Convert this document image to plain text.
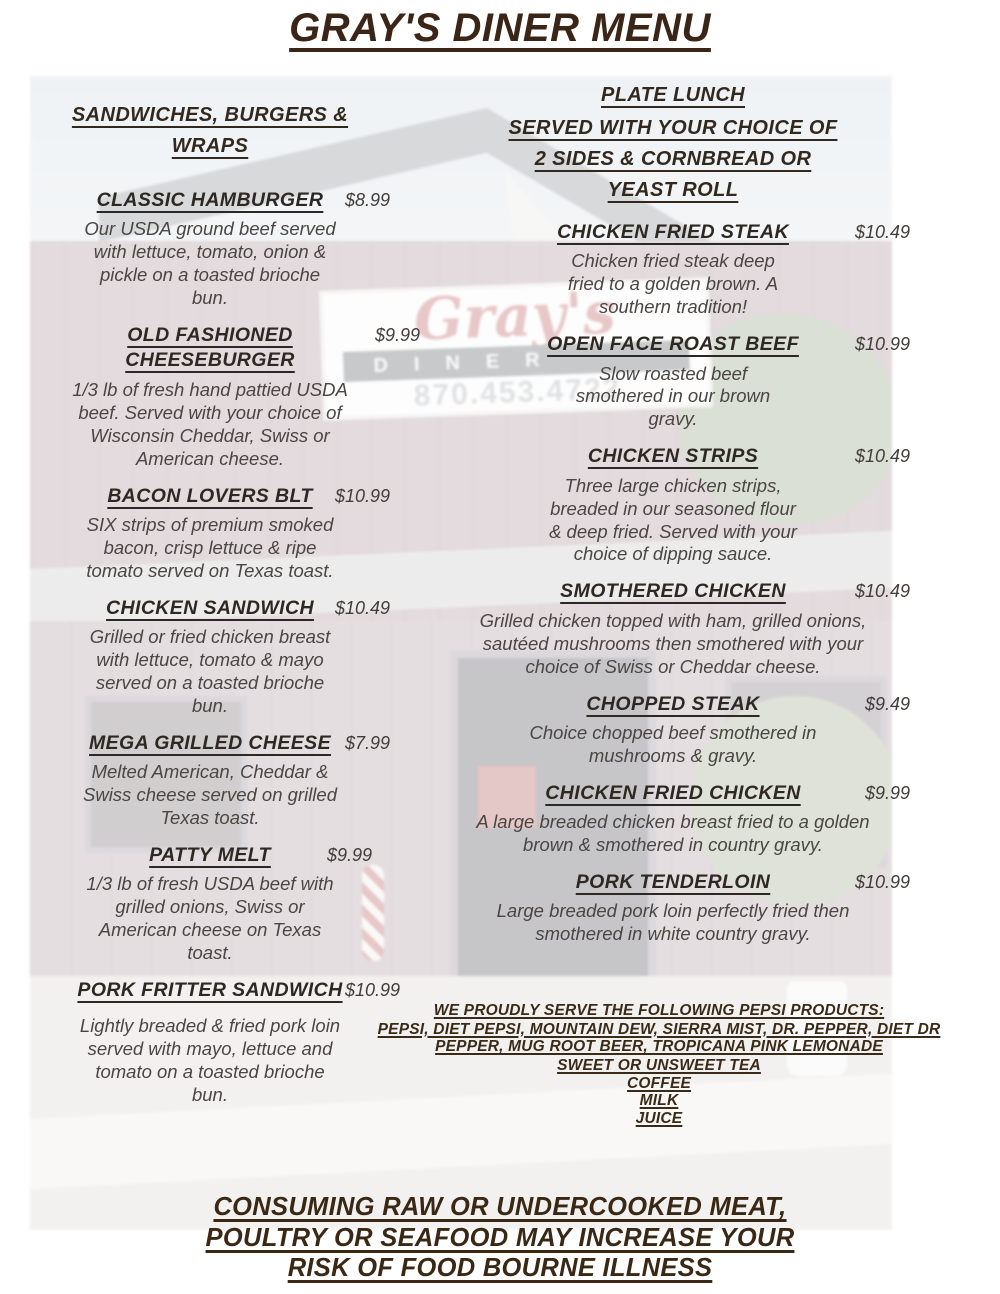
Gray's
DINER
870.453.4722
GRAY'S DINER MENU
SANDWICHES, BURGERS & WRAPS
CLASSIC HAMBURGER $8.99
Our USDA ground beef served with lettuce, tomato, onion & pickle on a toasted brioche bun.
OLD FASHIONED CHEESEBURGER
$9.99
1/3 lb of fresh hand pattied USDA beef. Served with your choice of Wisconsin Cheddar, Swiss or American cheese.
BACON LOVERS BLT $10.99
SIX strips of premium smoked bacon, crisp lettuce & ripe tomato served on Texas toast.
CHICKEN SANDWICH $10.49
Grilled or fried chicken breast with lettuce, tomato & mayo served on a toasted brioche bun.
MEGA GRILLED CHEESE $7.99
Melted American, Cheddar & Swiss cheese served on grilled Texas toast.
PATTY MELT	$9.99
1/3 lb of fresh USDA beef with grilled onions, Swiss or American cheese on Texas toast.
PORK FRITTER SANDWICH $10.99
Lightly breaded & fried pork loin served with mayo, lettuce and tomato on a toasted brioche bun.
PLATE LUNCH
SERVED WITH YOUR CHOICE OF 2 SIDES & CORNBREAD OR YEAST ROLL
CHICKEN FRIED STEAK	$10.49
Chicken fried steak deep fried to a golden brown. A southern tradition!
OPEN FACE ROAST BEEF	$10.99
Slow roasted beef smothered in our brown gravy.
CHICKEN STRIPS	$10.49
Three large chicken strips, breaded in our seasoned flour & deep fried. Served with your choice of dipping sauce.
SMOTHERED CHICKEN	$10.49
Grilled chicken topped with ham, grilled onions, sautéed mushrooms then smothered with your choice of Swiss or Cheddar cheese.
CHOPPED STEAK	$9.49
Choice chopped beef smothered in mushrooms & gravy.
CHICKEN FRIED CHICKEN	$9.99
A large breaded chicken breast fried to a golden brown & smothered in country gravy.
PORK TENDERLOIN	$10.99
Large breaded pork loin perfectly fried then smothered in white country gravy.
WE PROUDLY SERVE THE FOLLOWING PEPSI PRODUCTS:
PEPSI, DIET PEPSI, MOUNTAIN DEW, SIERRA MIST, DR. PEPPER, DIET DR PEPPER, MUG ROOT BEER, TROPICANA PINK LEMONADE
SWEET OR UNSWEET TEA
COFFEE
MILK
JUICE
CONSUMING RAW OR UNDERCOOKED MEAT, POULTRY OR SEAFOOD MAY INCREASE YOUR RISK OF FOOD BOURNE ILLNESS
